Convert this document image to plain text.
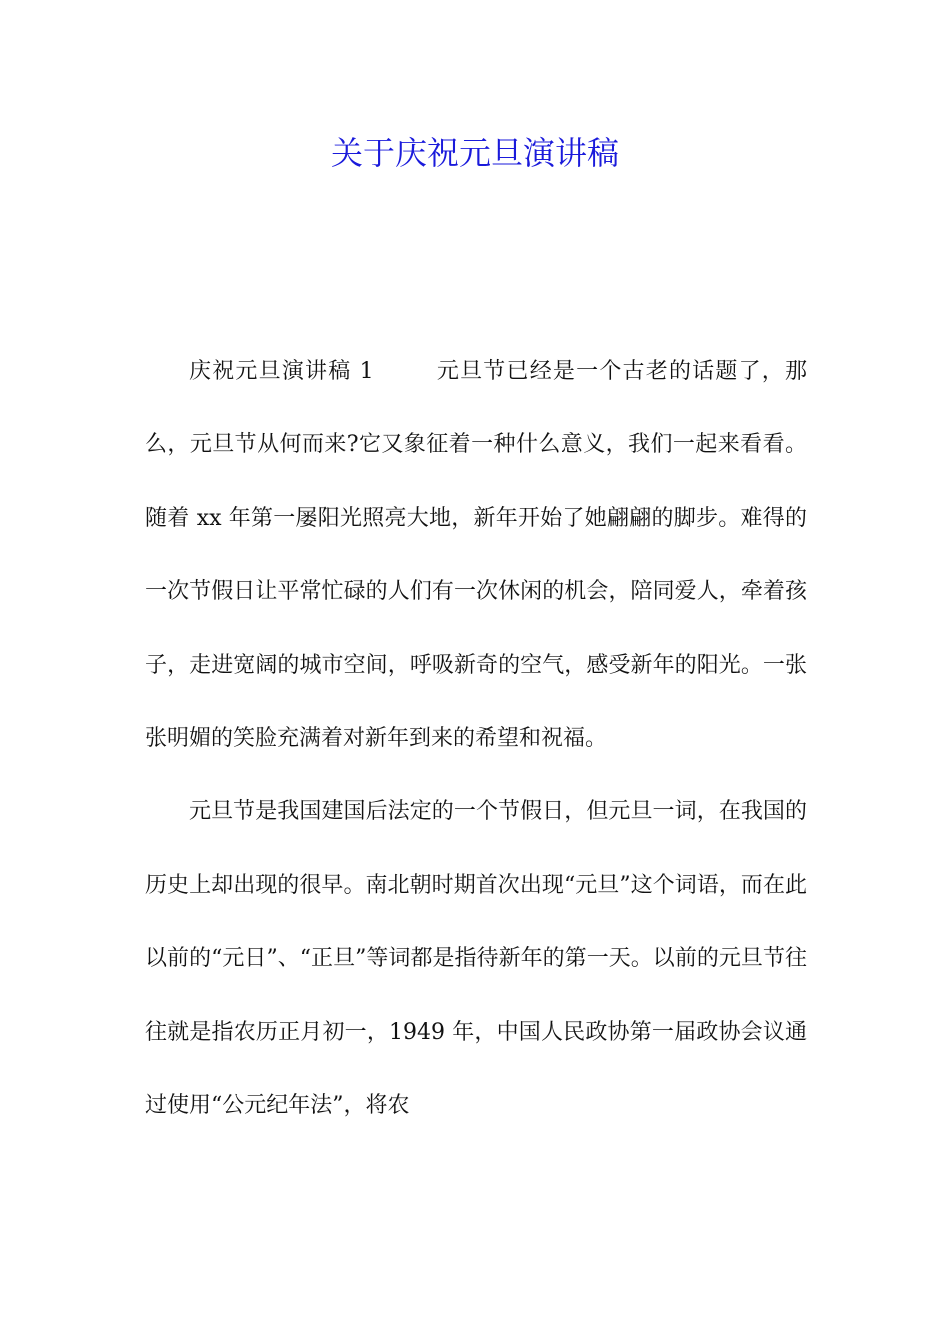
关于庆祝元旦演讲稿

庆祝元旦演讲稿 1	元旦节已经是一个古老的话题了，那么，元旦节从何而来?它又象征着一种什么意义，我们一起来看看。随着 xx 年第一屡阳光照亮大地，新年开始了她翩翩的脚步。难得的一次节假日让平常忙碌的人们有一次休闲的机会，陪同爱人，牵着孩子，走进宽阔的城市空间，呼吸新奇的空气，感受新年的阳光。一张张明媚的笑脸充满着对新年到来的希望和祝福。

元旦节是我国建国后法定的一个节假日，但元旦一词，在我国的历史上却出现的很早。南北朝时期首次出现“元旦”这个词语，而在此以前的“元日”、“正旦”等词都是指待新年的第一天。以前的元旦节往往就是指农历正月初一，1949 年，中国人民政协第一届政协会议通过使用“公元纪年法”，将农
